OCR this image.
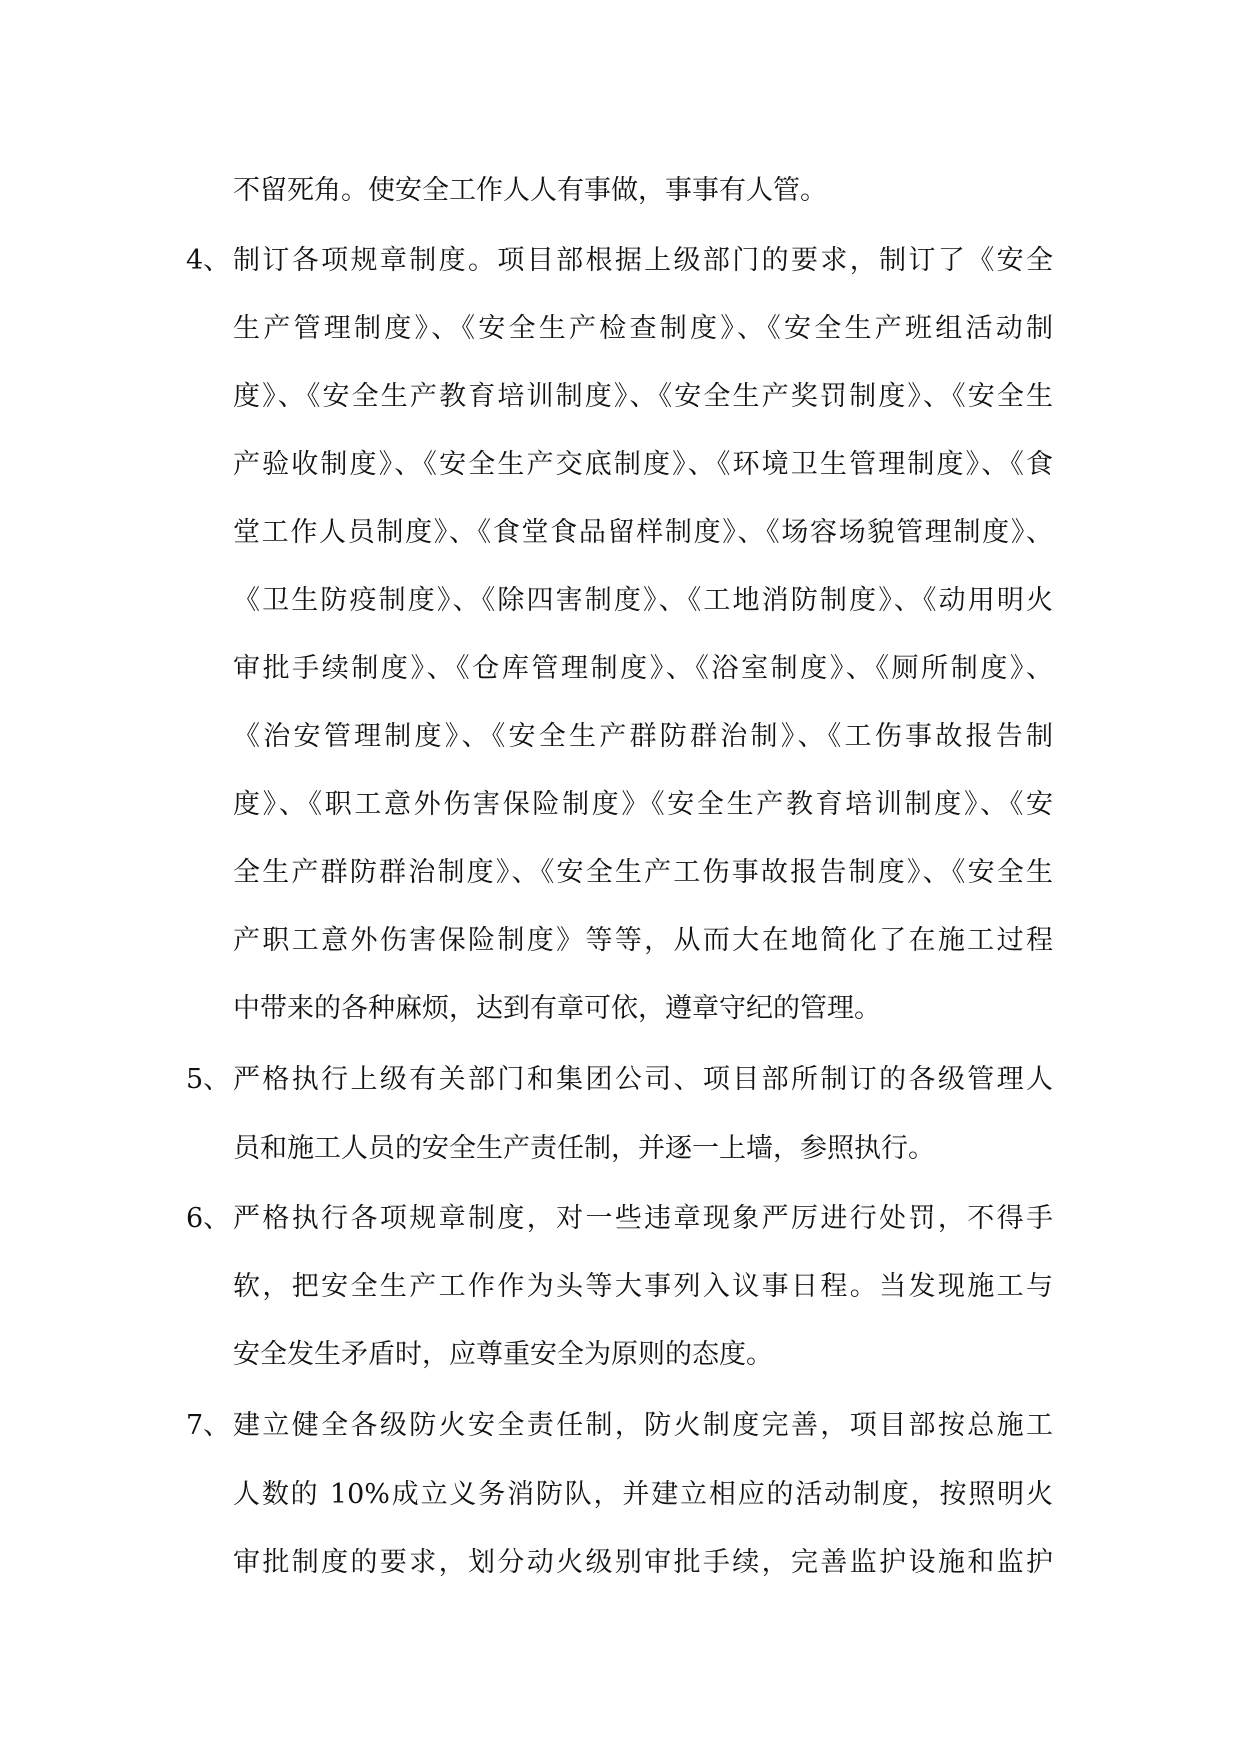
不留死角。使安全工作人人有事做，事事有人管。
4、 制订各项规章制度。项目部根据上级部门的要求，制订了《安全
生产管理制度》、《安全生产检查制度》、《安全生产班组活动制
度》、《安全生产教育培训制度》、《安全生产奖罚制度》、《安全生
产验收制度》、《安全生产交底制度》、《环境卫生管理制度》、《食
堂工作人员制度》、《食堂食品留样制度》、《场容场貌管理制度》、
《卫生防疫制度》、《除四害制度》、《工地消防制度》、《动用明火
审批手续制度》、《仓库管理制度》、《浴室制度》、《厕所制度》、
《治安管理制度》、《安全生产群防群治制》、《工伤事故报告制
度》、《职工意外伤害保险制度》《安全生产教育培训制度》、《安
全生产群防群治制度》、《安全生产工伤事故报告制度》、《安全生
产职工意外伤害保险制度》等等，从而大在地简化了在施工过程
中带来的各种麻烦，达到有章可依，遵章守纪的管理。
5、 严格执行上级有关部门和集团公司、项目部所制订的各级管理人
员和施工人员的安全生产责任制，并逐一上墙，参照执行。
6、 严格执行各项规章制度，对一些违章现象严厉进行处罚，不得手
软，把安全生产工作作为头等大事列入议事日程。当发现施工与
安全发生矛盾时，应尊重安全为原则的态度。
7、 建立健全各级防火安全责任制，防火制度完善，项目部按总施工
人数的 10%成立义务消防队，并建立相应的活动制度，按照明火
审批制度的要求，划分动火级别审批手续，完善监护设施和监护
